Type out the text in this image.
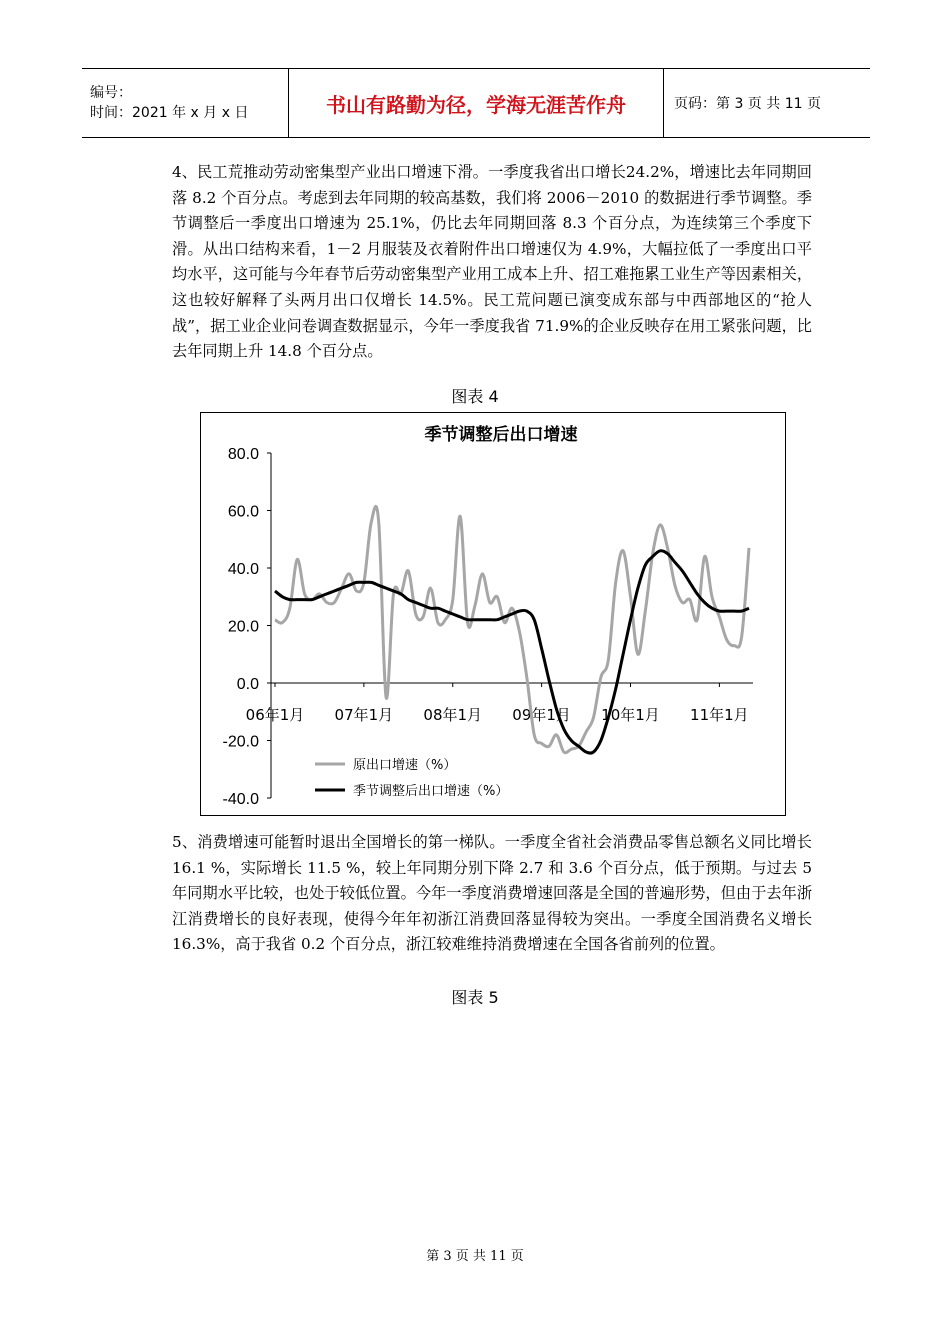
编号：
时间：2021 年 x 月 x 日	书山有路勤为径，学海无涯苦作舟	页码：第 3 页 共 11 页

4、民工荒推动劳动密集型产业出口增速下滑。一季度我省出口增长24.2%，增速比去年同期回落 8.2 个百分点。考虑到去年同期的较高基数，我们将 2006－2010 的数据进行季节调整。季节调整后一季度出口增速为 25.1%，仍比去年同期回落 8.3 个百分点，为连续第三个季度下滑。从出口结构来看，1－2 月服装及衣着附件出口增速仅为 4.9%，大幅拉低了一季度出口平均水平，这可能与今年春节后劳动密集型产业用工成本上升、招工难拖累工业生产等因素相关，这也较好解释了头两月出口仅增长 14.5%。民工荒问题已演变成东部与中西部地区的“抢人战”，据工业企业问卷调查数据显示，今年一季度我省 71.9%的企业反映存在用工紧张问题，比去年同期上升 14.8 个百分点。

图表 4
季节调整后出口增速
80.0
60.0
40.0
20.0
0.0
-20.0
-40.0
06年1月 07年1月 08年1月 09年1月 10年1月 11年1月
原出口增速（%）
季节调整后出口增速（%）

5、消费增速可能暂时退出全国增长的第一梯队。一季度全省社会消费品零售总额名义同比增长 16.1 %，实际增长 11.5 %，较上年同期分别下降 2.7 和 3.6 个百分点，低于预期。与过去 5 年同期水平比较，也处于较低位置。今年一季度消费增速回落是全国的普遍形势，但由于去年浙江消费增长的良好表现，使得今年年初浙江消费回落显得较为突出。一季度全国消费名义增长 16.3%，高于我省 0.2 个百分点，浙江较难维持消费增速在全国各省前列的位置。

图表 5
第 3 页 共 11 页
